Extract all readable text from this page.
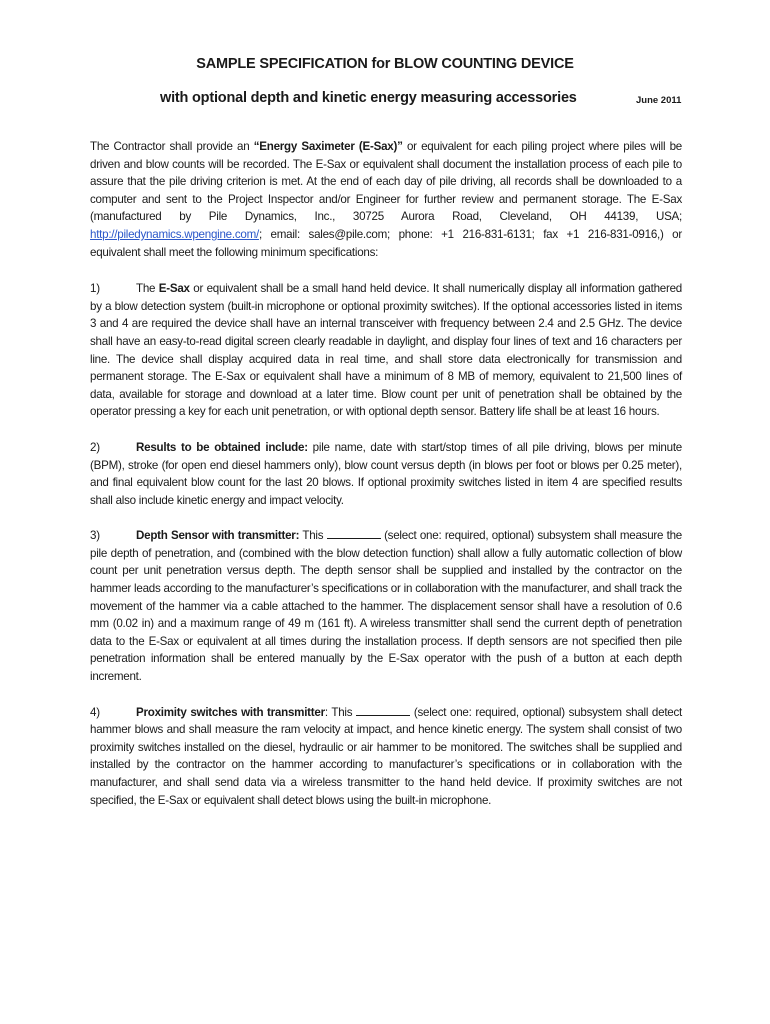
SAMPLE SPECIFICATION for BLOW COUNTING DEVICE
with optional depth and kinetic energy measuring accessories	June 2011

The Contractor shall provide an “Energy Saximeter (E-Sax)” or equivalent for each piling project where piles will be driven and blow counts will be recorded. The E-Sax or equivalent shall document the installation process of each pile to assure that the pile driving criterion is met. At the end of each day of pile driving, all records shall be downloaded to a computer and sent to the Project Inspector and/or Engineer for further review and permanent storage. The E-Sax (manufactured by Pile Dynamics, Inc., 30725 Aurora Road, Cleveland, OH 44139, USA; http://piledynamics.wpengine.com/; email: sales@pile.com; phone: +1 216-831-6131; fax +1 216-831-0916,) or equivalent shall meet the following minimum specifications:

1)	The E-Sax or equivalent shall be a small hand held device. It shall numerically display all information gathered by a blow detection system (built-in microphone or optional proximity switches). If the optional accessories listed in items 3 and 4 are required the device shall have an internal transceiver with frequency between 2.4 and 2.5 GHz. The device shall have an easy-to-read digital screen clearly readable in daylight, and display four lines of text and 16 characters per line. The device shall display acquired data in real time, and shall store data electronically for transmission and permanent storage. The E-Sax or equivalent shall have a minimum of 8 MB of memory, equivalent to 21,500 lines of data, available for storage and download at a later time. Blow count per unit of penetration shall be obtained by the operator pressing a key for each unit penetration, or with optional depth sensor. Battery life shall be at least 16 hours.

2)	Results to be obtained include: pile name, date with start/stop times of all pile driving, blows per minute (BPM), stroke (for open end diesel hammers only), blow count versus depth (in blows per foot or blows per 0.25 meter), and final equivalent blow count for the last 20 blows. If optional proximity switches listed in item 4 are specified results shall also include kinetic energy and impact velocity.

3)	Depth Sensor with transmitter: This	(select one: required, optional) subsystem shall measure the pile depth of penetration, and (combined with the blow detection function) shall allow a fully automatic collection of blow count per unit penetration versus depth. The depth sensor shall be supplied and installed by the contractor on the hammer leads according to the manufacturer’s specifications or in collaboration with the manufacturer, and shall track the movement of the hammer via a cable attached to the hammer. The displacement sensor shall have a resolution of 0.6 mm (0.02 in) and a maximum range of 49 m (161 ft). A wireless transmitter shall send the current depth of penetration data to the E-Sax or equivalent at all times during the installation process. If depth sensors are not specified then pile penetration information shall be entered manually by the E-Sax operator with the push of a button at each depth increment.

4)	Proximity switches with transmitter: This	(select one: required, optional) subsystem shall detect hammer blows and shall measure the ram velocity at impact, and hence kinetic energy. The system shall consist of two proximity switches installed on the diesel, hydraulic or air hammer to be monitored. The switches shall be supplied and installed by the contractor on the hammer according to manufacturer’s specifications or in collaboration with the manufacturer, and shall send data via a wireless transmitter to the hand held device. If proximity switches are not specified, the E-Sax or equivalent shall detect blows using the built-in microphone.
